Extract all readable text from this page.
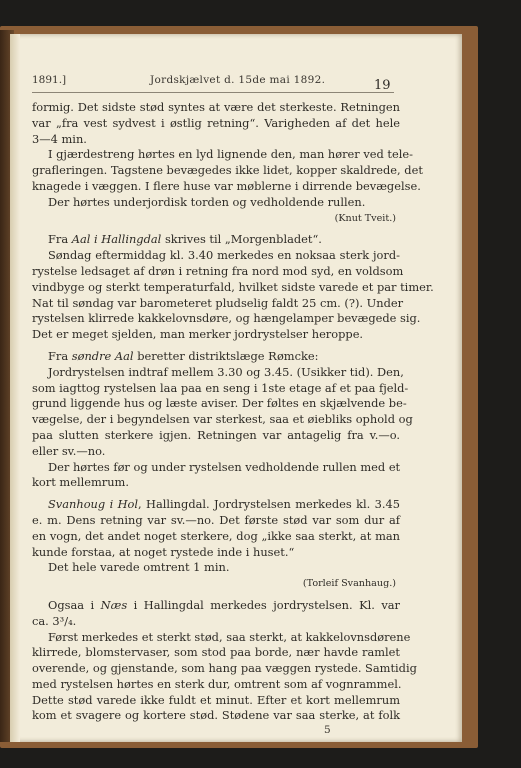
1891.]	Jordskjælvet d. 15de mai 1892.	19
formig. Det sidste stød syntes at være det sterkeste. Retningen
var „fra vest sydvest i østlig retning“. Varigheden af det hele
3—4 min.
I gjærdestreng hørtes en lyd lignende den, man hører ved tele-
grafleringen. Tagstene bevægedes ikke lidet, kopper skaldrede, det
knagede i væggen. I flere huse var møblerne i dirrende bevægelse.
Der hørtes underjordisk torden og vedholdende rullen.
(Knut Tveit.)
Fra Aal i Hallingdal skrives til „Morgenbladet“.
Søndag eftermiddag kl. 3.40 merkedes en noksaa sterk jord-
rystelse ledsaget af drøn i retning fra nord mod syd, en voldsom
vindbyge og sterkt temperaturfald, hvilket sidste varede et par timer.
Nat til søndag var barometeret pludselig faldt 25 cm. (?). Under
rystelsen klirrede kakkelovnsdøre, og hængelamper bevægede sig.
Det er meget sjelden, man merker jordrystelser heroppe.
Fra søndre Aal beretter distriktslæge Rømcke:
Jordrystelsen indtraf mellem 3.30 og 3.45. (Usikker tid). Den,
som iagttog rystelsen laa paa en seng i 1ste etage af et paa fjeld-
grund liggende hus og læste aviser. Der føltes en skjælvende be-
vægelse, der i begyndelsen var sterkest, saa et øiebliks ophold og
paa slutten sterkere igjen. Retningen var antagelig fra v.—o.
eller sv.—no.
Der hørtes før og under rystelsen vedholdende rullen med et
kort mellemrum.
Svanhoug i Hol, Hallingdal. Jordrystelsen merkedes kl. 3.45
e. m. Dens retning var sv.—no. Det første stød var som dur af
en vogn, det andet noget sterkere, dog „ikke saa sterkt, at man
kunde forstaa, at noget rystede inde i huset.“
Det hele varede omtrent 1 min.
(Torleif Svanhaug.)
Ogsaa i Næs i Hallingdal merkedes jordrystelsen. Kl. var
ca. 3³/₄.
Først merkedes et sterkt stød, saa sterkt, at kakkelovnsdørene
klirrede, blomstervaser, som stod paa borde, nær havde ramlet
overende, og gjenstande, som hang paa væggen rystede. Samtidig
med rystelsen hørtes en sterk dur, omtrent som af vognrammel.
Dette stød varede ikke fuldt et minut. Efter et kort mellemrum
kom et svagere og kortere stød. Stødene var saa sterke, at folk
5
